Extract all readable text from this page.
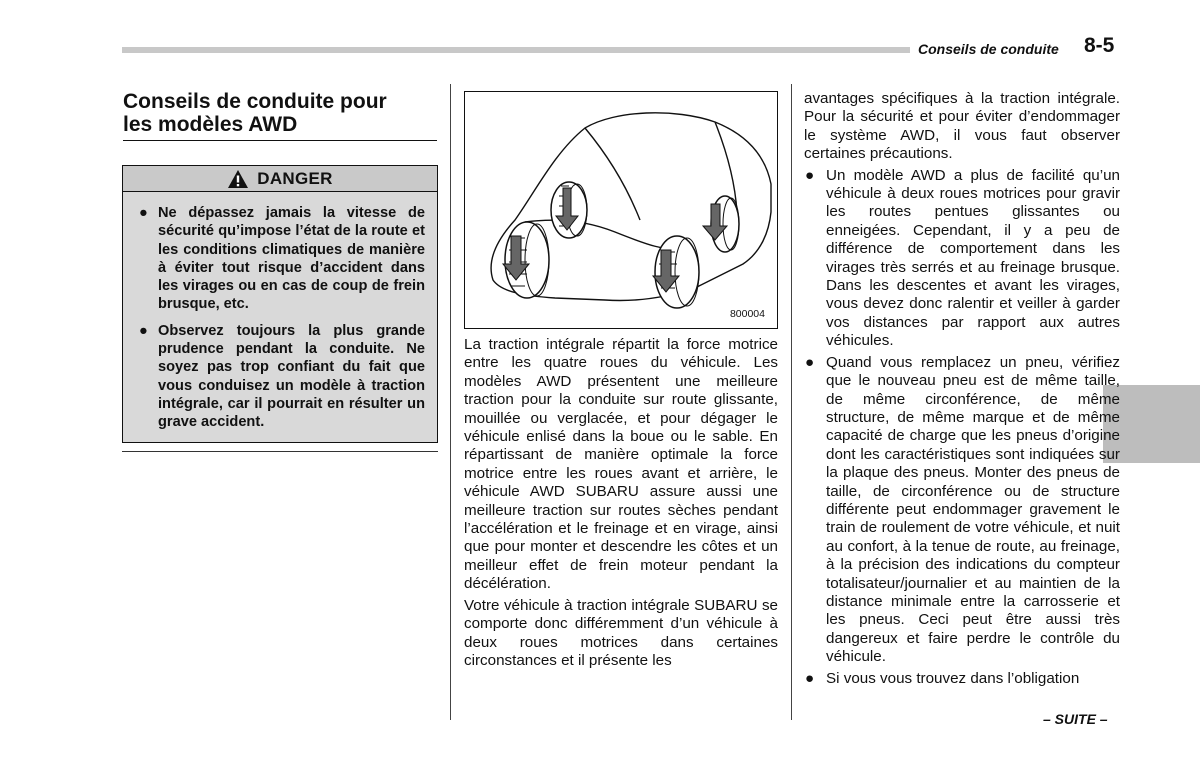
Conseils de conduite 8-5
Conseils de conduite pour
les modèles AWD
DANGER
● Ne dépassez jamais la vitesse de sécurité qu’impose l’état de la route et les conditions climatiques de manière à éviter tout risque d’accident dans les virages ou en cas de coup de frein brusque, etc.
● Observez toujours la plus grande prudence pendant la conduite. Ne soyez pas trop confiant du fait que vous conduisez un modèle à traction intégrale, car il pourrait en résulter un grave accident.
800004

La traction intégrale répartit la force motrice entre les quatre roues du véhicule. Les modèles AWD présentent une meilleure traction pour la conduite sur route glissante, mouillée ou verglacée, et pour dégager le véhicule enlisé dans la boue ou le sable. En répartissant de manière optimale la force motrice entre les roues avant et arrière, le véhicule AWD SUBARU assure aussi une meilleure traction sur routes sèches pendant l’accélération et le freinage et en virage, ainsi que pour monter et descendre les côtes et un meilleur effet de frein moteur pendant la décélération.

Votre véhicule à traction intégrale SUBARU se comporte donc différemment d’un véhicule à deux roues motrices dans certaines circonstances et il présente les

avantages spécifiques à la traction intégrale. Pour la sécurité et pour éviter d’endommager le système AWD, il vous faut observer certaines précautions.

● Un modèle AWD a plus de facilité qu’un véhicule à deux roues motrices pour gravir les routes pentues glissantes ou enneigées. Cependant, il y a peu de différence de comportement dans les virages très serrés et au freinage brusque. Dans les descentes et avant les virages, vous devez donc ralentir et veiller à garder vos distances par rapport aux autres véhicules.
● Quand vous remplacez un pneu, vérifiez que le nouveau pneu est de même taille, de même circonférence, de même structure, de même marque et de même capacité de charge que les pneus d’origine dont les caractéristiques sont indiquées sur la plaque des pneus. Monter des pneus de taille, de circonférence ou de structure différente peut endommager gravement le train de roulement de votre véhicule, et nuit au confort, à la tenue de route, au freinage, à la précision des indications du compteur totalisateur/journalier et au maintien de la distance minimale entre la carrosserie et les pneus. Ceci peut être aussi très dangereux et faire perdre le contrôle du véhicule.
● Si vous vous trouvez dans l’obligation
– SUITE –
